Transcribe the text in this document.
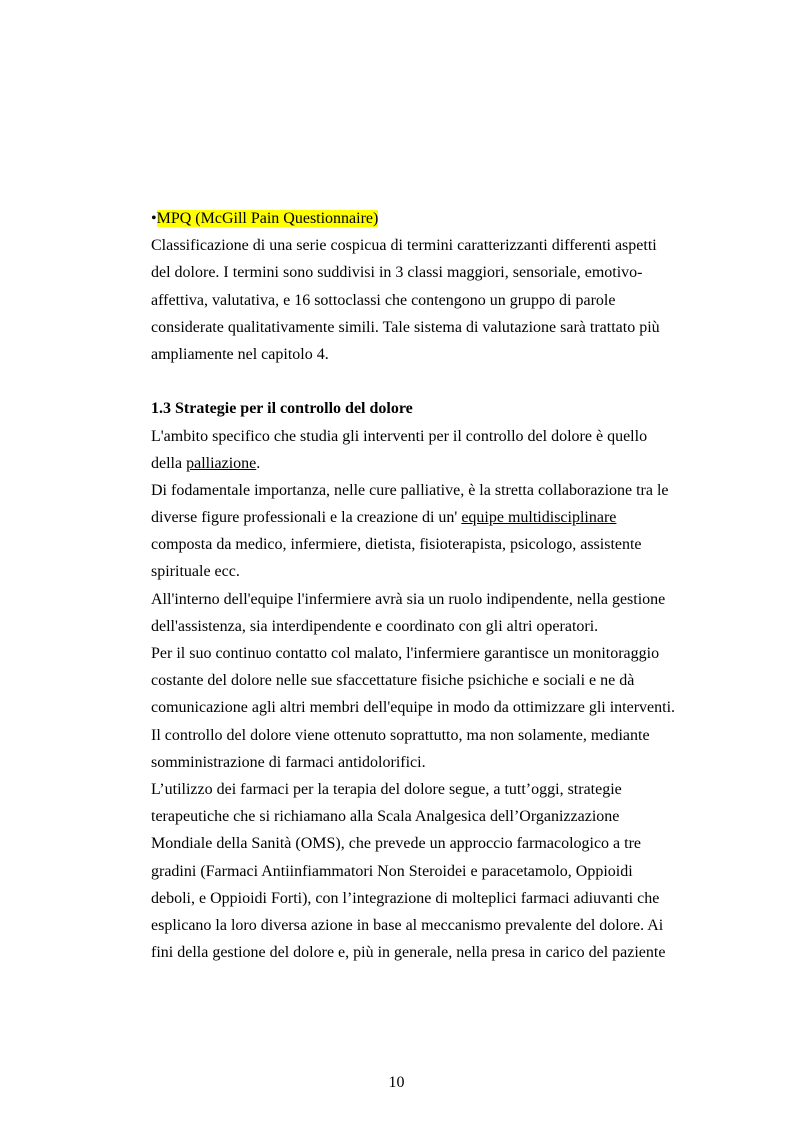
•MPQ (McGill Pain Questionnaire)
Classificazione di una serie cospicua di termini caratterizzanti differenti aspetti
del dolore. I termini sono suddivisi in 3 classi maggiori, sensoriale, emotivo-
affettiva, valutativa, e 16 sottoclassi che contengono un gruppo di parole
considerate qualitativamente simili. Tale sistema di valutazione sarà trattato più
ampliamente nel capitolo 4.
1.3 Strategie per il controllo del dolore
L'ambito specifico che studia gli interventi per il controllo del dolore è quello
della palliazione.
Di fodamentale importanza, nelle cure palliative, è la stretta collaborazione tra le
diverse figure professionali e la creazione di un' equipe multidisciplinare
composta da medico, infermiere, dietista, fisioterapista, psicologo, assistente
spirituale ecc.
All'interno dell'equipe l'infermiere avrà sia un ruolo indipendente, nella gestione
dell'assistenza, sia interdipendente e coordinato con gli altri operatori.
Per il suo continuo contatto col malato, l'infermiere garantisce un monitoraggio
costante del dolore nelle sue sfaccettature fisiche psichiche e sociali e ne dà
comunicazione agli altri membri dell'equipe in modo da ottimizzare gli interventi.
Il controllo del dolore viene ottenuto soprattutto, ma non solamente, mediante
somministrazione di farmaci antidolorifici.
L’utilizzo dei farmaci per la terapia del dolore segue, a tutt’oggi, strategie
terapeutiche che si richiamano alla Scala Analgesica dell’Organizzazione
Mondiale della Sanità (OMS), che prevede un approccio farmacologico a tre
gradini (Farmaci Antiinfiammatori Non Steroidei e paracetamolo, Oppioidi
deboli, e Oppioidi Forti), con l’integrazione di molteplici farmaci adiuvanti che
esplicano la loro diversa azione in base al meccanismo prevalente del dolore. Ai
fini della gestione del dolore e, più in generale, nella presa in carico del paziente
10
